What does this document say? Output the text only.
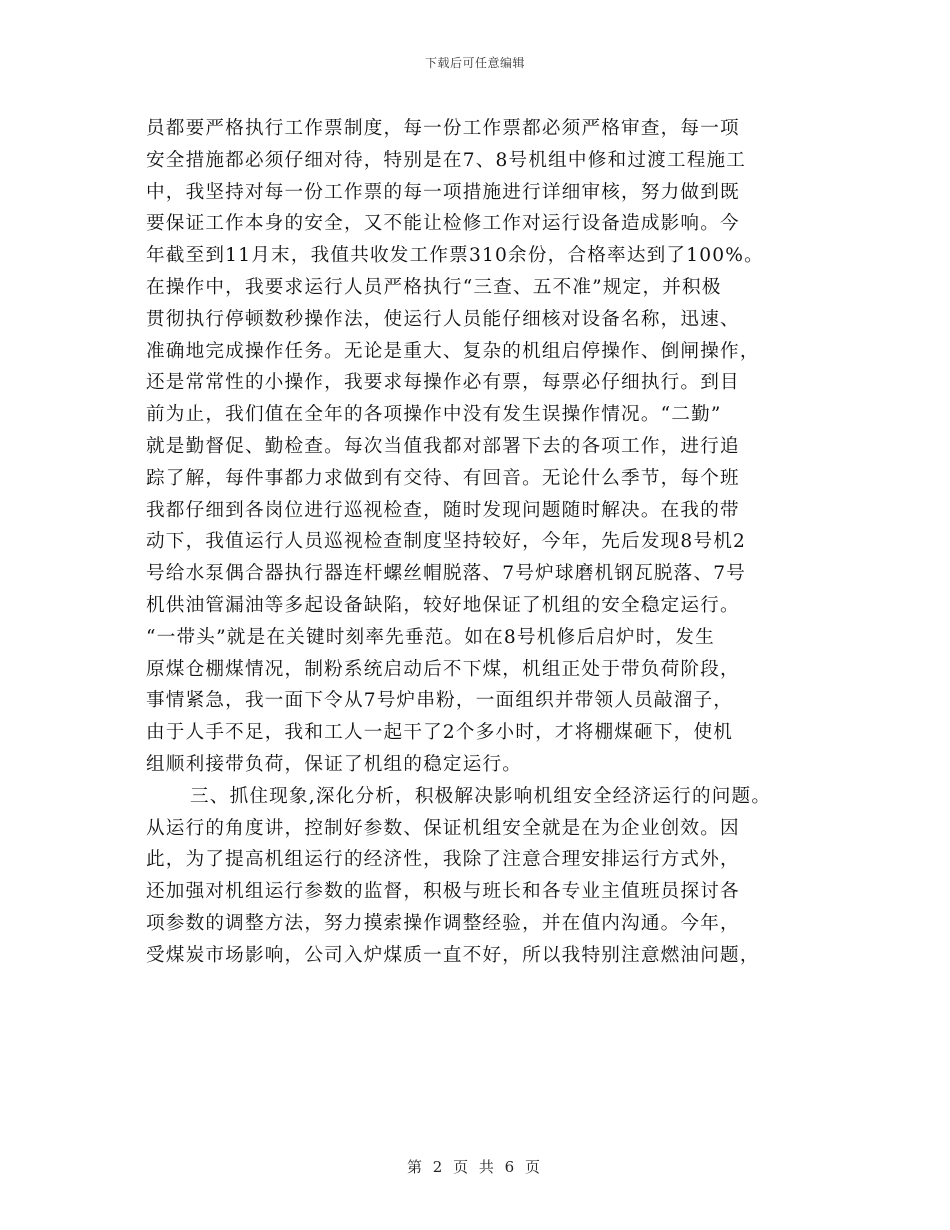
下载后可任意编辑
员都要严格执行工作票制度，每一份工作票都必须严格审查，每一项
安全措施都必须仔细对待，特别是在7、8号机组中修和过渡工程施工
中，我坚持对每一份工作票的每一项措施进行详细审核，努力做到既
要保证工作本身的安全，又不能让检修工作对运行设备造成影响。今
年截至到11月末，我值共收发工作票310余份，合格率达到了100%。
在操作中，我要求运行人员严格执行“三查、五不准”规定，并积极
贯彻执行停顿数秒操作法，使运行人员能仔细核对设备名称，迅速、
准确地完成操作任务。无论是重大、复杂的机组启停操作、倒闸操作，
还是常常性的小操作，我要求每操作必有票，每票必仔细执行。到目
前为止，我们值在全年的各项操作中没有发生误操作情况。“二勤”
就是勤督促、勤检查。每次当值我都对部署下去的各项工作，进行追
踪了解，每件事都力求做到有交待、有回音。无论什么季节，每个班
我都仔细到各岗位进行巡视检查，随时发现问题随时解决。在我的带
动下，我值运行人员巡视检查制度坚持较好，今年，先后发现8号机2
号给水泵偶合器执行器连杆螺丝帽脱落、7号炉球磨机钢瓦脱落、7号
机供油管漏油等多起设备缺陷，较好地保证了机组的安全稳定运行。
“一带头”就是在关键时刻率先垂范。如在8号机修后启炉时，发生
原煤仓棚煤情况，制粉系统启动后不下煤，机组正处于带负荷阶段，
事情紧急，我一面下令从7号炉串粉，一面组织并带领人员敲溜子，
由于人手不足，我和工人一起干了2个多小时，才将棚煤砸下，使机
组顺利接带负荷，保证了机组的稳定运行。
三、抓住现象,深化分析，积极解决影响机组安全经济运行的问题。
从运行的角度讲，控制好参数、保证机组安全就是在为企业创效。因
此，为了提高机组运行的经济性，我除了注意合理安排运行方式外，
还加强对机组运行参数的监督，积极与班长和各专业主值班员探讨各
项参数的调整方法，努力摸索操作调整经验，并在值内沟通。今年，
受煤炭市场影响，公司入炉煤质一直不好，所以我特别注意燃油问题，
第 2 页 共 6 页
